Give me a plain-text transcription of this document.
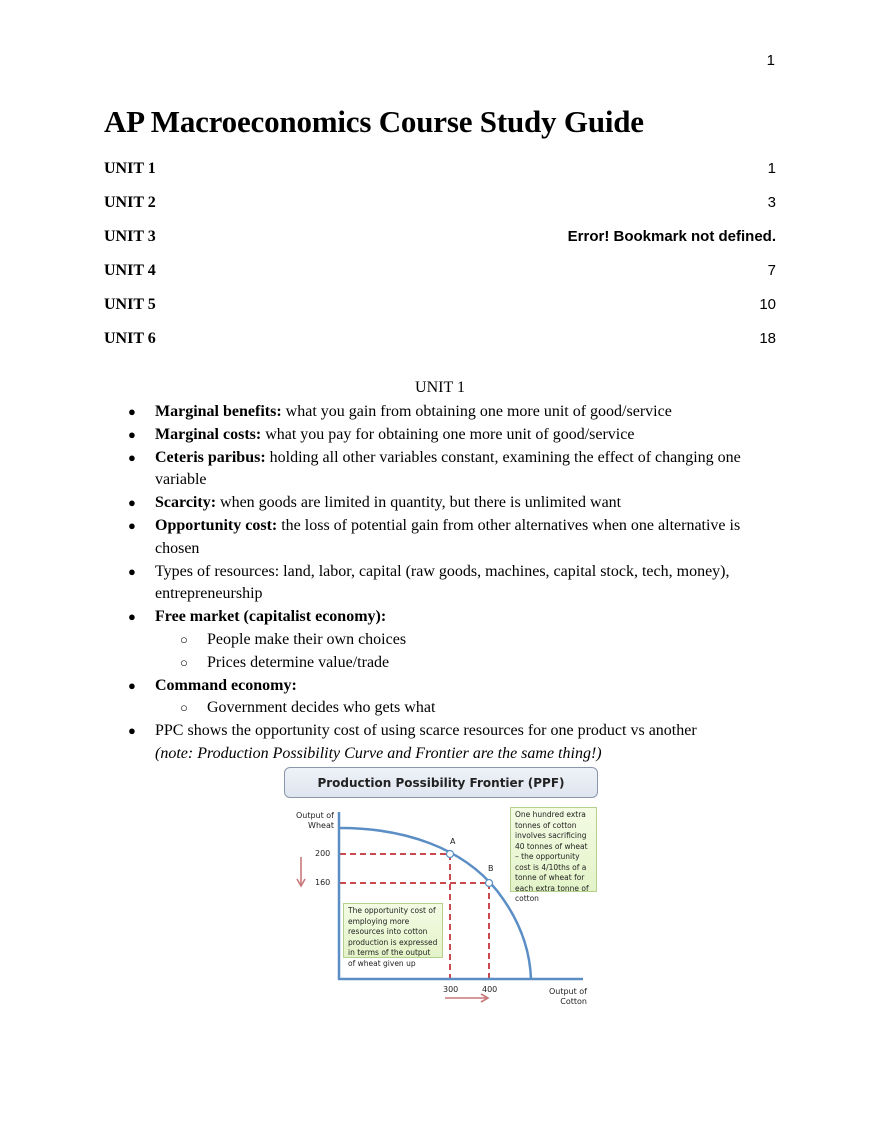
1
AP Macroeconomics Course Study Guide
UNIT 1	1
UNIT 2	3
UNIT 3	Error! Bookmark not defined.
UNIT 4	7
UNIT 5	10
UNIT 6	18
UNIT 1
● Marginal benefits: what you gain from obtaining one more unit of good/service
● Marginal costs: what you pay for obtaining one more unit of good/service
● Ceteris paribus: holding all other variables constant, examining the effect of changing one variable
● Scarcity: when goods are limited in quantity, but there is unlimited want
● Opportunity cost: the loss of potential gain from other alternatives when one alternative is chosen
● Types of resources: land, labor, capital (raw goods, machines, capital stock, tech, money), entrepreneurship
● Free market (capitalist economy):
○ People make their own choices
○ Prices determine value/trade
● Command economy:
○ Government decides who gets what
● PPC shows the opportunity cost of using scarce resources for one product vs another
(note: Production Possibility Curve and Frontier are the same thing!)
Production Possibility Frontier (PPF)
Output of
Wheat
200
160
A
B
300	400	Output of
Cotton
One hundred extra tonnes of cotton involves sacrificing 40 tonnes of wheat – the opportunity cost is 4/10ths of a tonne of wheat for each extra tonne of cotton
The opportunity cost of employing more resources into cotton production is expressed in terms of the output of wheat given up
